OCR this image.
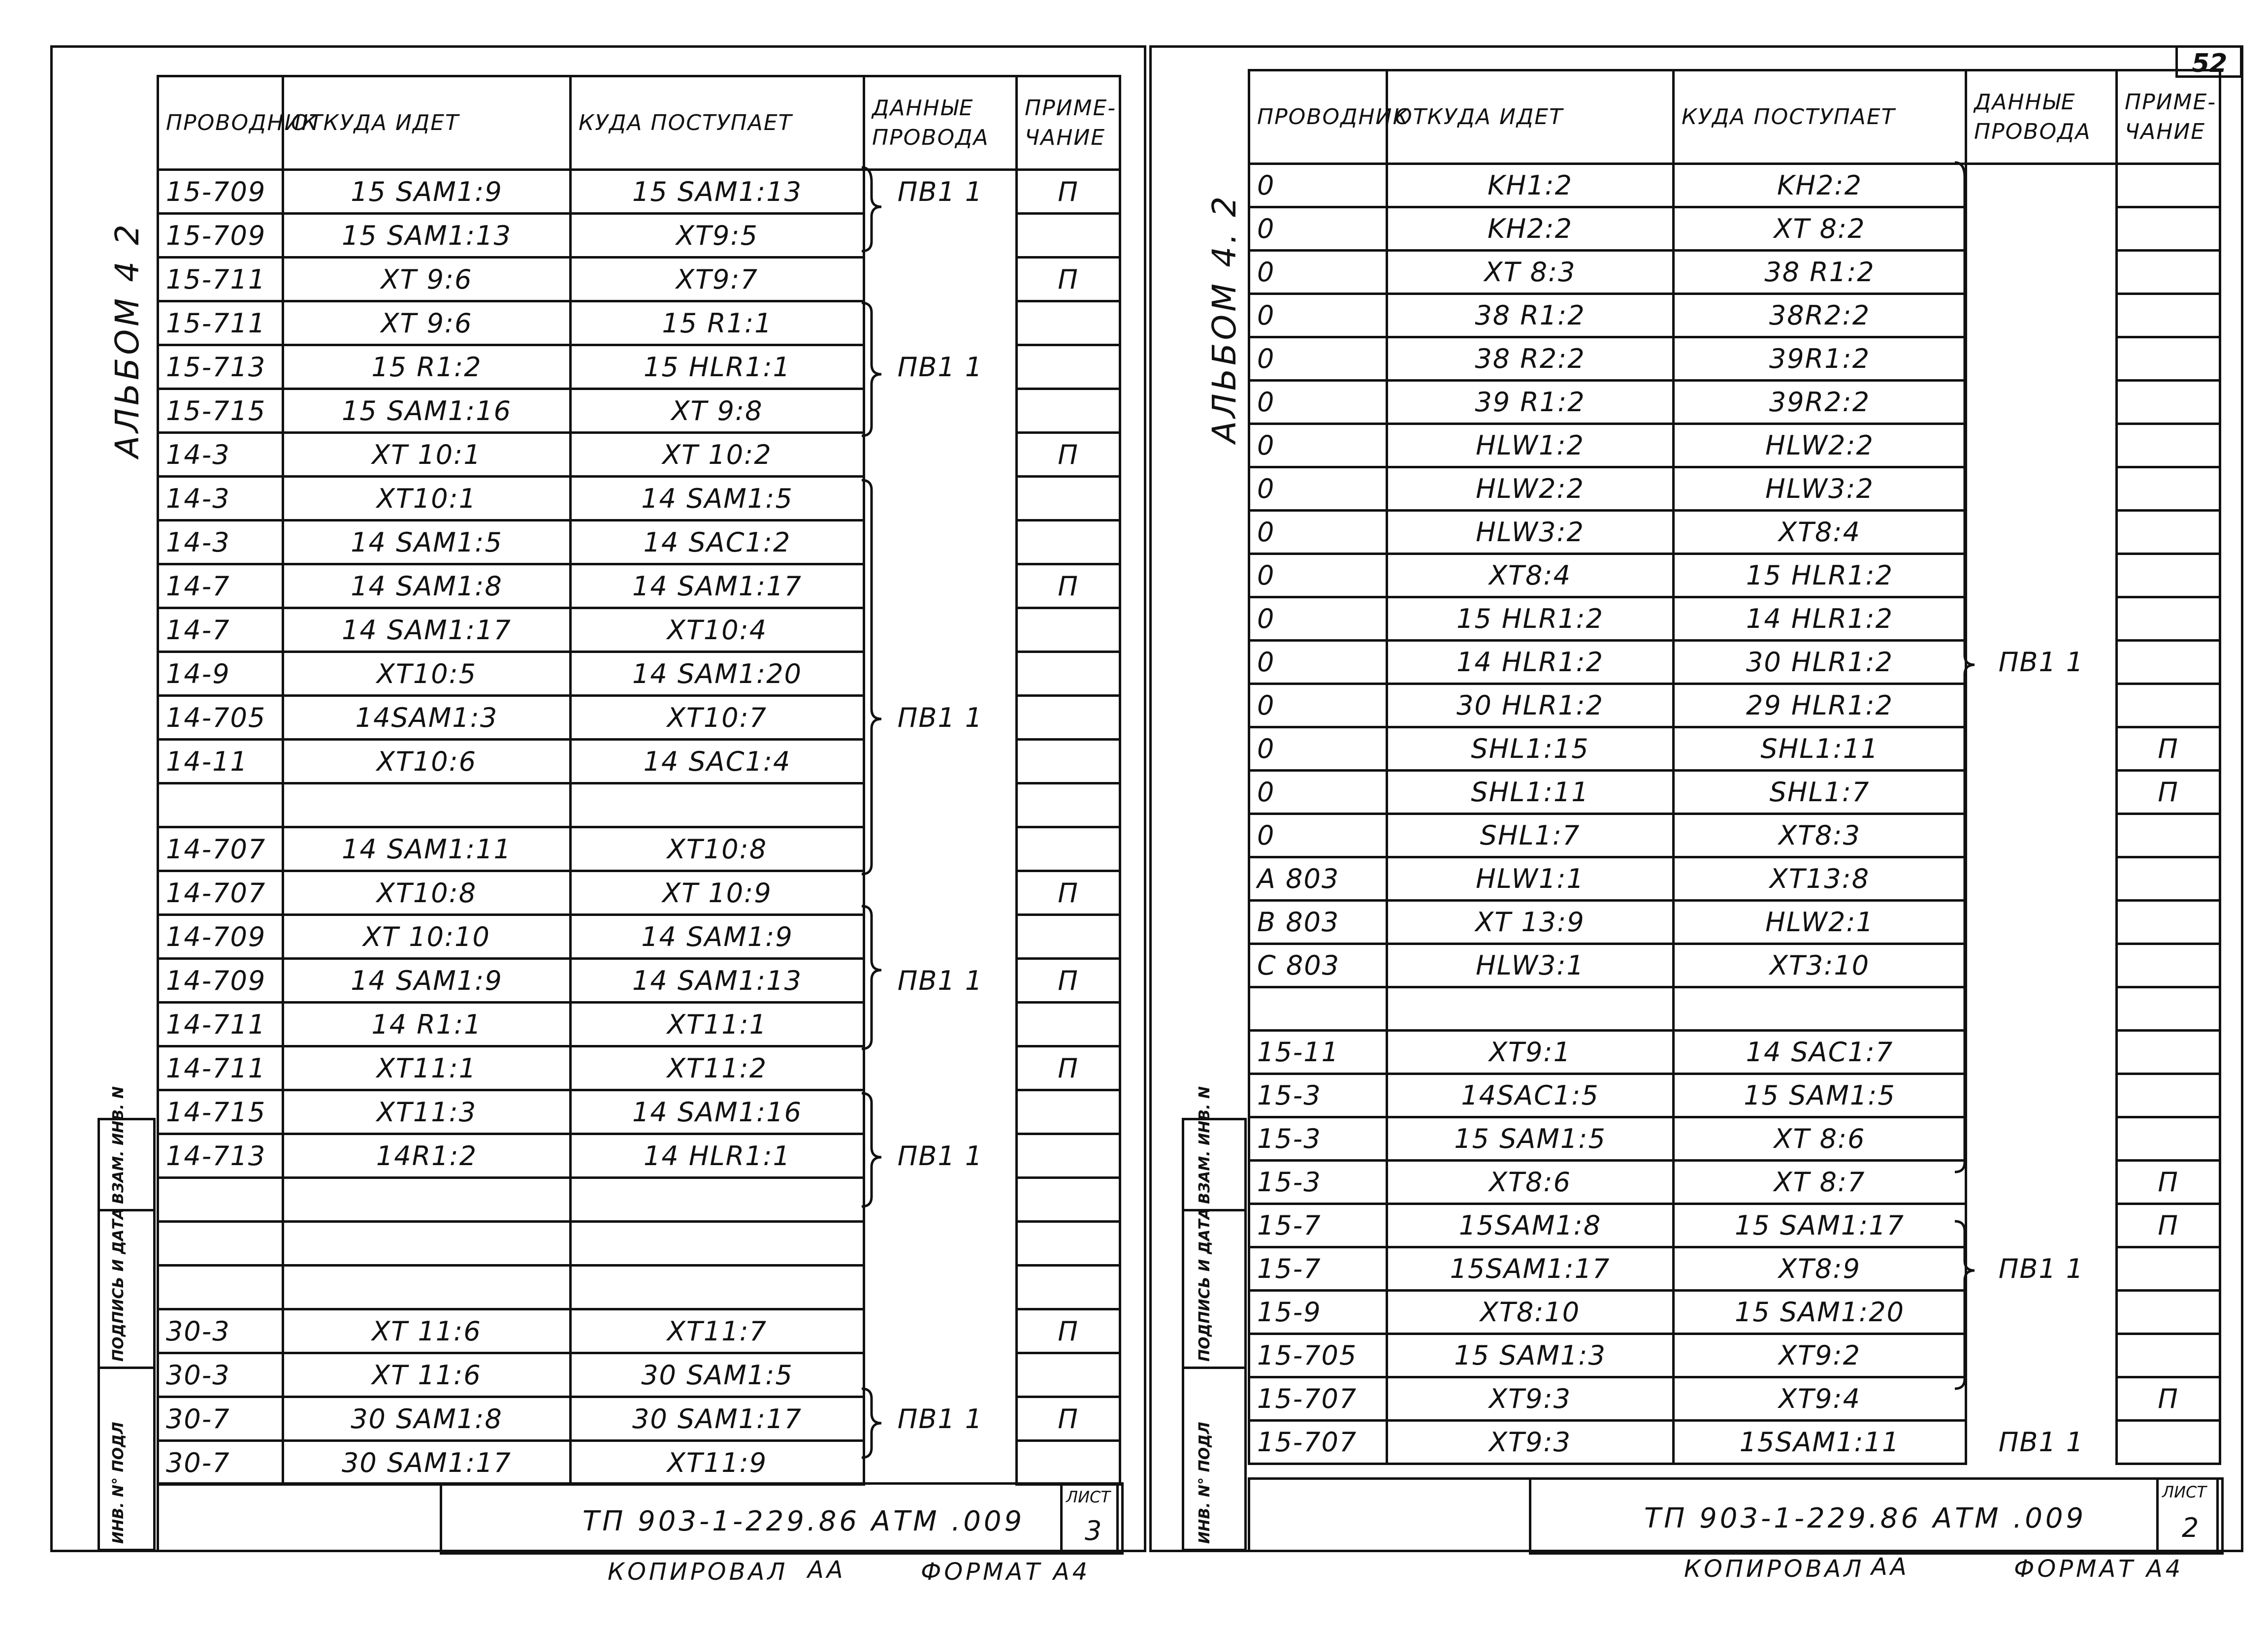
52
АЛЬБОМ 4 2
ПРОВОДНИК	ОТКУДА ИДЕТ	КУДА ПОСТУПАЕТ	ДАННЫЕ ПРОВОДА	ПРИМЕ-ЧАНИЕ
15-709	15 SAM1:9	15 SAM1:13	ПВ1 1	П
15-709	15 SAM1:13	XT9:5		
15-711	XT 9:6	XT9:7		П
15-711	XT 9:6	15 R1:1		
15-713	15 R1:2	15 HLR1:1	ПВ1 1	
15-715	15 SAM1:16	XT 9:8		
14-3	XT 10:1	XT 10:2		П
14-3	XT10:1	14 SAM1:5		
14-3	14 SAM1:5	14 SAC1:2		
14-7	14 SAM1:8	14 SAM1:17		П
14-7	14 SAM1:17	XT10:4		
14-9	XT10:5	14 SAM1:20		
14-705	14SAM1:3	XT10:7	ПВ1 1	
14-11	XT10:6	14 SAC1:4		

14-707	14 SAM1:11	XT10:8		
14-707	XT10:8	XT 10:9		П
14-709	XT 10:10	14 SAM1:9		
14-709	14 SAM1:9	14 SAM1:13	ПВ1 1	П
14-711	14 R1:1	XT11:1		
14-711	XT11:1	XT11:2		П
14-715	XT11:3	14 SAM1:16		
14-713	14R1:2	14 HLR1:1	ПВ1 1	

30-3	XT 11:6	XT11:7		П
30-3	XT 11:6	30 SAM1:5		
30-7	30 SAM1:8	30 SAM1:17	ПВ1 1	П
30-7	30 SAM1:17	XT11:9		
ИНВ. N° ПОДЛ
ПОДПИСЬ И ДАТА
ВЗАМ. ИНВ. N
ТП 903-1-229.86 АТМ .009
ЛИСТ
3
КОПИРОВАЛ АА	ФОРМАТ А4
АЛЬБОМ 4. 2
ПРОВОДНИК	ОТКУДА ИДЕТ	КУДА ПОСТУПАЕТ	ДАННЫЕ ПРОВОДА	ПРИМЕ-ЧАНИЕ
0	KH1:2	KH2:2		
0	KH2:2	XT 8:2		
0	XT 8:3	38 R1:2		
0	38 R1:2	38R2:2		
0	38 R2:2	39R1:2		
0	39 R1:2	39R2:2		
0	HLW1:2	HLW2:2		
0	HLW2:2	HLW3:2		
0	HLW3:2	XT8:4		
0	XT8:4	15 HLR1:2		
0	15 HLR1:2	14 HLR1:2		
0	14 HLR1:2	30 HLR1:2	ПВ1 1	
0	30 HLR1:2	29 HLR1:2		
0	SHL1:15	SHL1:11		П
0	SHL1:11	SHL1:7		П
0	SHL1:7	XT8:3		
A 803	HLW1:1	XT13:8		
B 803	XT 13:9	HLW2:1		
C 803	HLW3:1	XT3:10		

15-11	XT9:1	14 SAC1:7		
15-3	14SAC1:5	15 SAM1:5		
15-3	15 SAM1:5	XT 8:6		
15-3	XT8:6	XT 8:7		П
15-7	15SAM1:8	15 SAM1:17		П
15-7	15SAM1:17	XT8:9	ПВ1 1	
15-9	XT8:10	15 SAM1:20		
15-705	15 SAM1:3	XT9:2		
15-707	XT9:3	XT9:4		П
15-707	XT9:3	15SAM1:11	ПВ1 1	
ИНВ. N° ПОДЛ
ПОДПИСЬ И ДАТА
ВЗАМ. ИНВ. N
ТП 903-1-229.86 АТМ .009
ЛИСТ
2
КОПИРОВАЛ АА	ФОРМАТ А4
